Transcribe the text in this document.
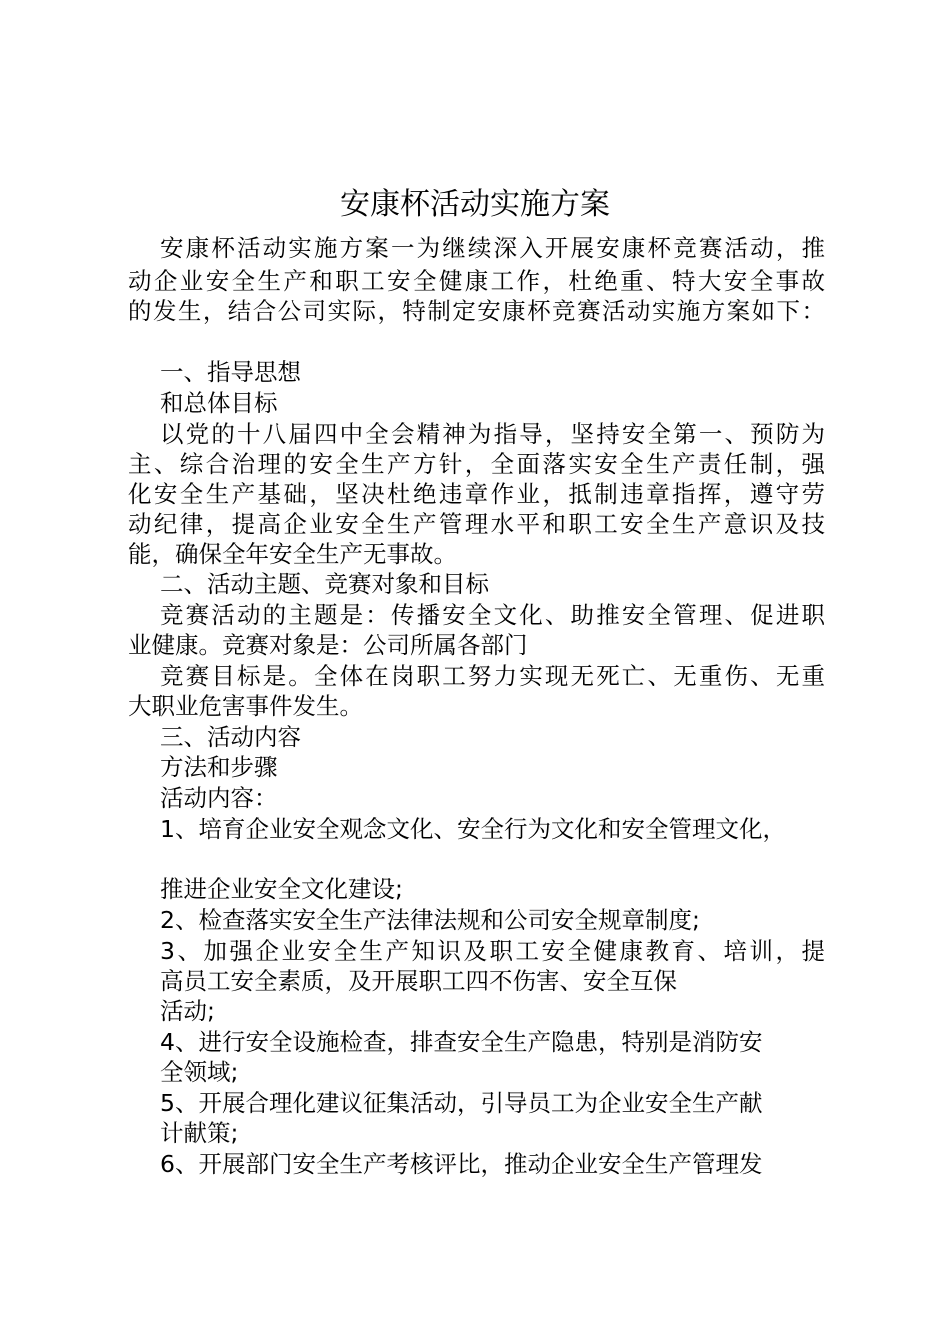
安康杯活动实施方案
安康杯活动实施方案一为继续深入开展安康杯竞赛活动，推
动企业安全生产和职工安全健康工作，杜绝重、特大安全事故
的发生，结合公司实际，特制定安康杯竞赛活动实施方案如下：
一、指导思想
和总体目标
以党的十八届四中全会精神为指导，坚持安全第一、预防为
主、综合治理的安全生产方针，全面落实安全生产责任制，强
化安全生产基础，坚决杜绝违章作业，抵制违章指挥，遵守劳
动纪律，提高企业安全生产管理水平和职工安全生产意识及技
能，确保全年安全生产无事故。
二、活动主题、竞赛对象和目标
竞赛活动的主题是：传播安全文化、助推安全管理、促进职
业健康。竞赛对象是：公司所属各部门
竞赛目标是。全体在岗职工努力实现无死亡、无重伤、无重
大职业危害事件发生。
三、活动内容
方法和步骤
活动内容：
1、培育企业安全观念文化、安全行为文化和安全管理文化，
推进企业安全文化建设;
2、检查落实安全生产法律法规和公司安全规章制度;
3、加强企业安全生产知识及职工安全健康教育、培训，提
高员工安全素质，及开展职工四不伤害、安全互保
活动;
4、进行安全设施检查，排查安全生产隐患，特别是消防安
全领域;
5、开展合理化建议征集活动，引导员工为企业安全生产献
计献策;
6、开展部门安全生产考核评比，推动企业安全生产管理发
